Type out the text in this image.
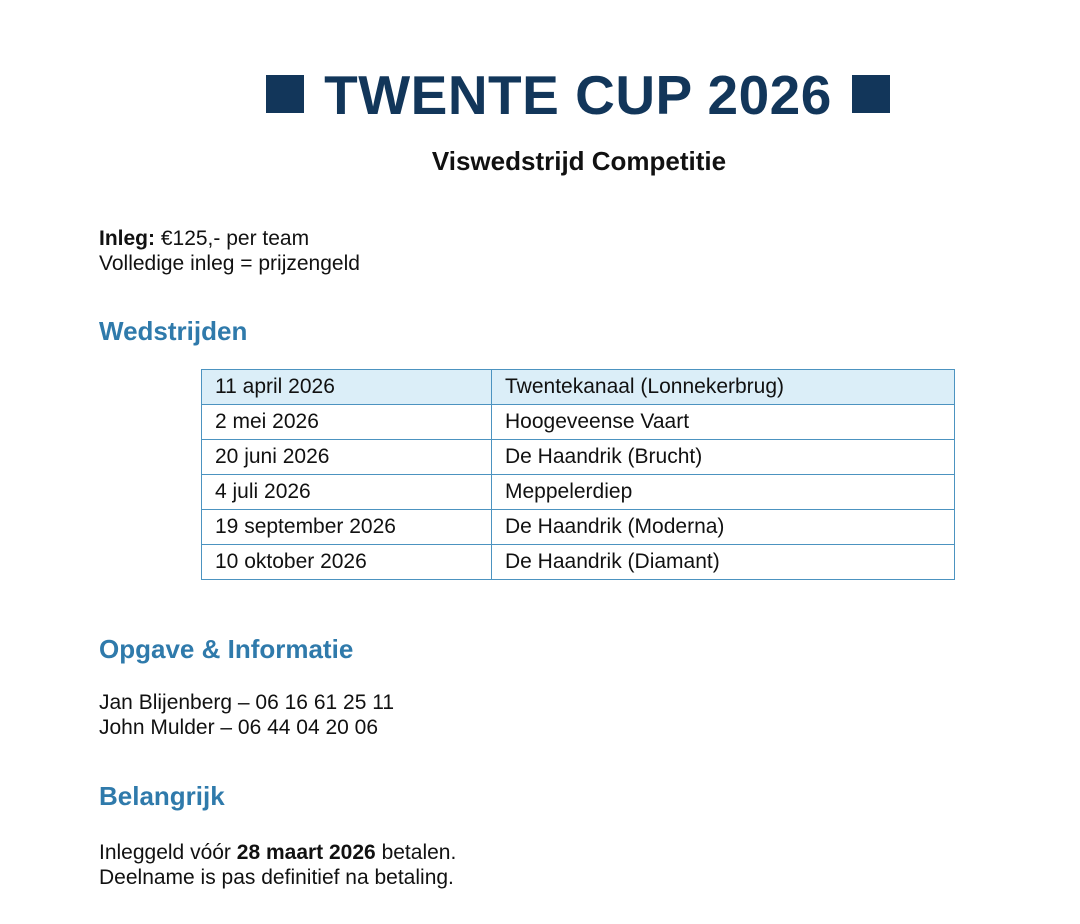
TWENTE CUP 2026
Viswedstrijd Competitie
Inleg: €125,- per team
Volledige inleg = prijzengeld
Wedstrijden
11 april 2026	Twentekanaal (Lonnekerbrug)
2 mei 2026	Hoogeveense Vaart
20 juni 2026	De Haandrik (Brucht)
4 juli 2026	Meppelerdiep
19 september 2026	De Haandrik (Moderna)
10 oktober 2026	De Haandrik (Diamant)
Opgave & Informatie
Jan Blijenberg – 06 16 61 25 11
John Mulder – 06 44 04 20 06
Belangrijk
Inleggeld vóór 28 maart 2026 betalen.
Deelname is pas definitief na betaling.
